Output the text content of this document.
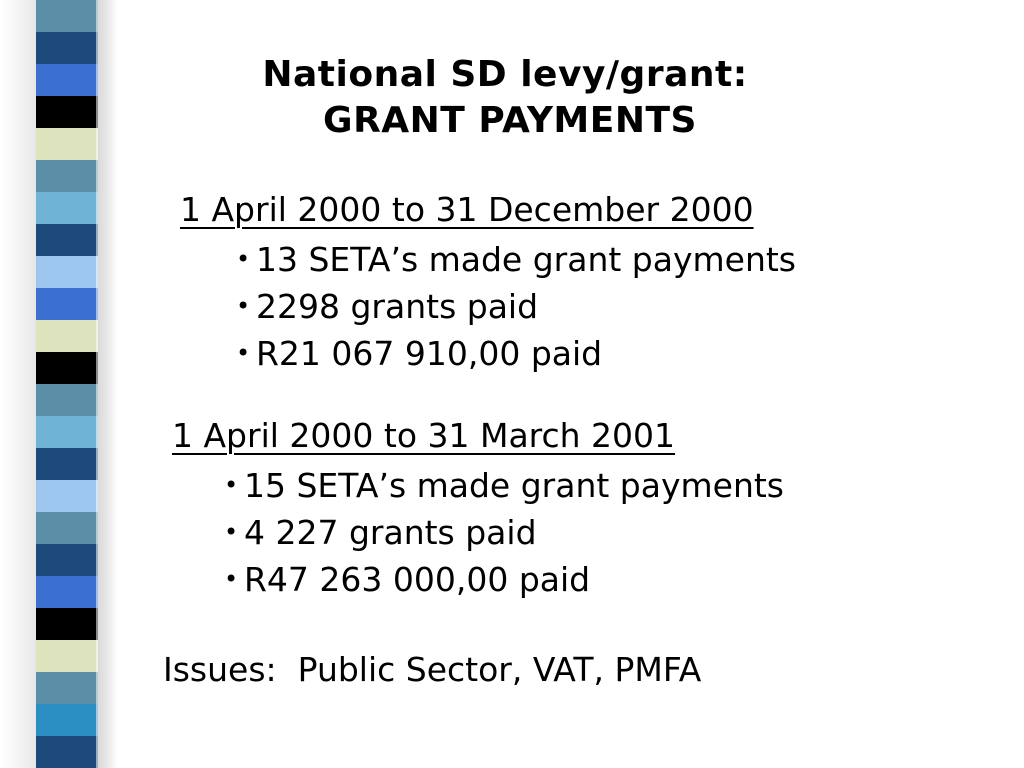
National SD levy/grant:
GRANT PAYMENTS
1 April 2000 to 31 December 2000
• 13 SETA’s made grant payments
• 2298 grants paid
• R21 067 910,00 paid
1 April 2000 to 31 March 2001
• 15 SETA’s made grant payments
• 4 227 grants paid
• R47 263 000,00 paid
Issues:  Public Sector, VAT, PMFA
